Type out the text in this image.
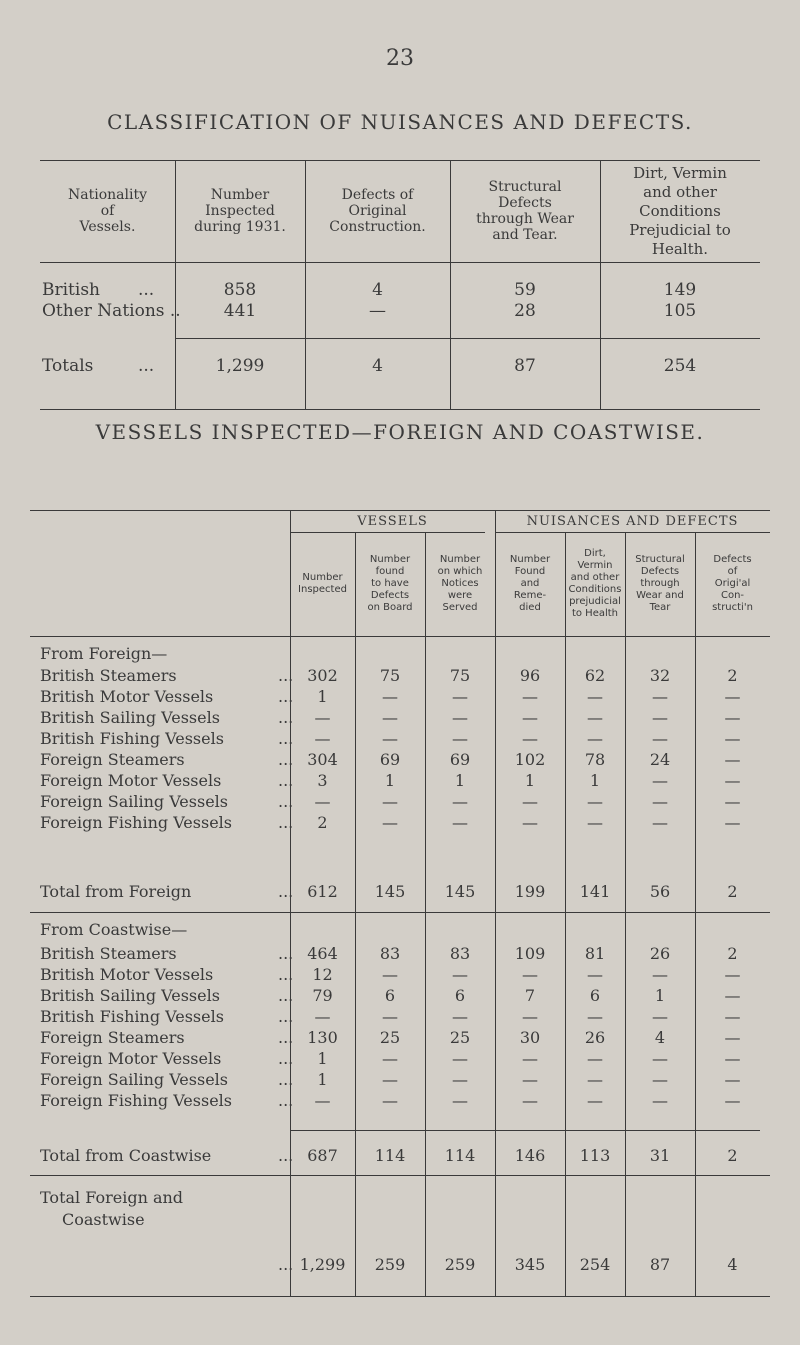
23
CLASSIFICATION OF NUISANCES AND DEFECTS.
Nationality
of
Vessels.
Number
Inspected
during 1931.
Defects of
Original
Construction.
Structural
Defects
through Wear
and Tear.
Dirt, Vermin
and other
Conditions
Prejudicial to
Health.
British ...	858	4	59	149
Other Nations ..	441	—	28	105
Totals	...	1,299	4	87	254
VESSELS INSPECTED—FOREIGN AND COASTWISE.
VESSELS	NUISANCES AND DEFECTS
Number
Inspected
Number
found
to have
Defects
on Board
Number
on which
Notices
were
Served
Number
Found
and
Reme-
died
Dirt,
Vermin
and other
Conditions
prejudicial
to Health
Structural
Defects
through
Wear and
Tear
Defects
of
Origi'al
Con-
structi'n
From Foreign—
British Steamers	... 302	75	75	96	62	32	2
British Motor Vessels	...	1	—	—	—	—	—	—
British Sailing Vessels	...	—	—	—	—	—	—	—
British Fishing Vessels	...	—	—	—	—	—	—	—
Foreign Steamers	... 304	69	69	102	78	24	—
Foreign Motor Vessels	...	3	1	1	1	1	—	—
Foreign Sailing Vessels	...	—	—	—	—	—	—	—
Foreign Fishing Vessels	...	2	—	—	—	—	—	—
Total from Foreign	... 612	145	145	199	141	56	2
From Coastwise—
British Steamers	... 464	83	83	109	81	26	2
British Motor Vessels	...	12	—	—	—	—	—	—
British Sailing Vessels	...	79	6	6	7	6	1	—
British Fishing Vessels	...	—	—	—	—	—	—	—
Foreign Steamers	... 130	25	25	30	26	4	—
Foreign Motor Vessels	...	1	—	—	—	—	—	—
Foreign Sailing Vessels	...	1	—	—	—	—	—	—
Foreign Fishing Vessels	...	—	—	—	—	—	—	—
Total from Coastwise	... 687	114	114	146	113	31	2
Total Foreign and
Coastwise
... 1,299	259	259	345	254	87	4
